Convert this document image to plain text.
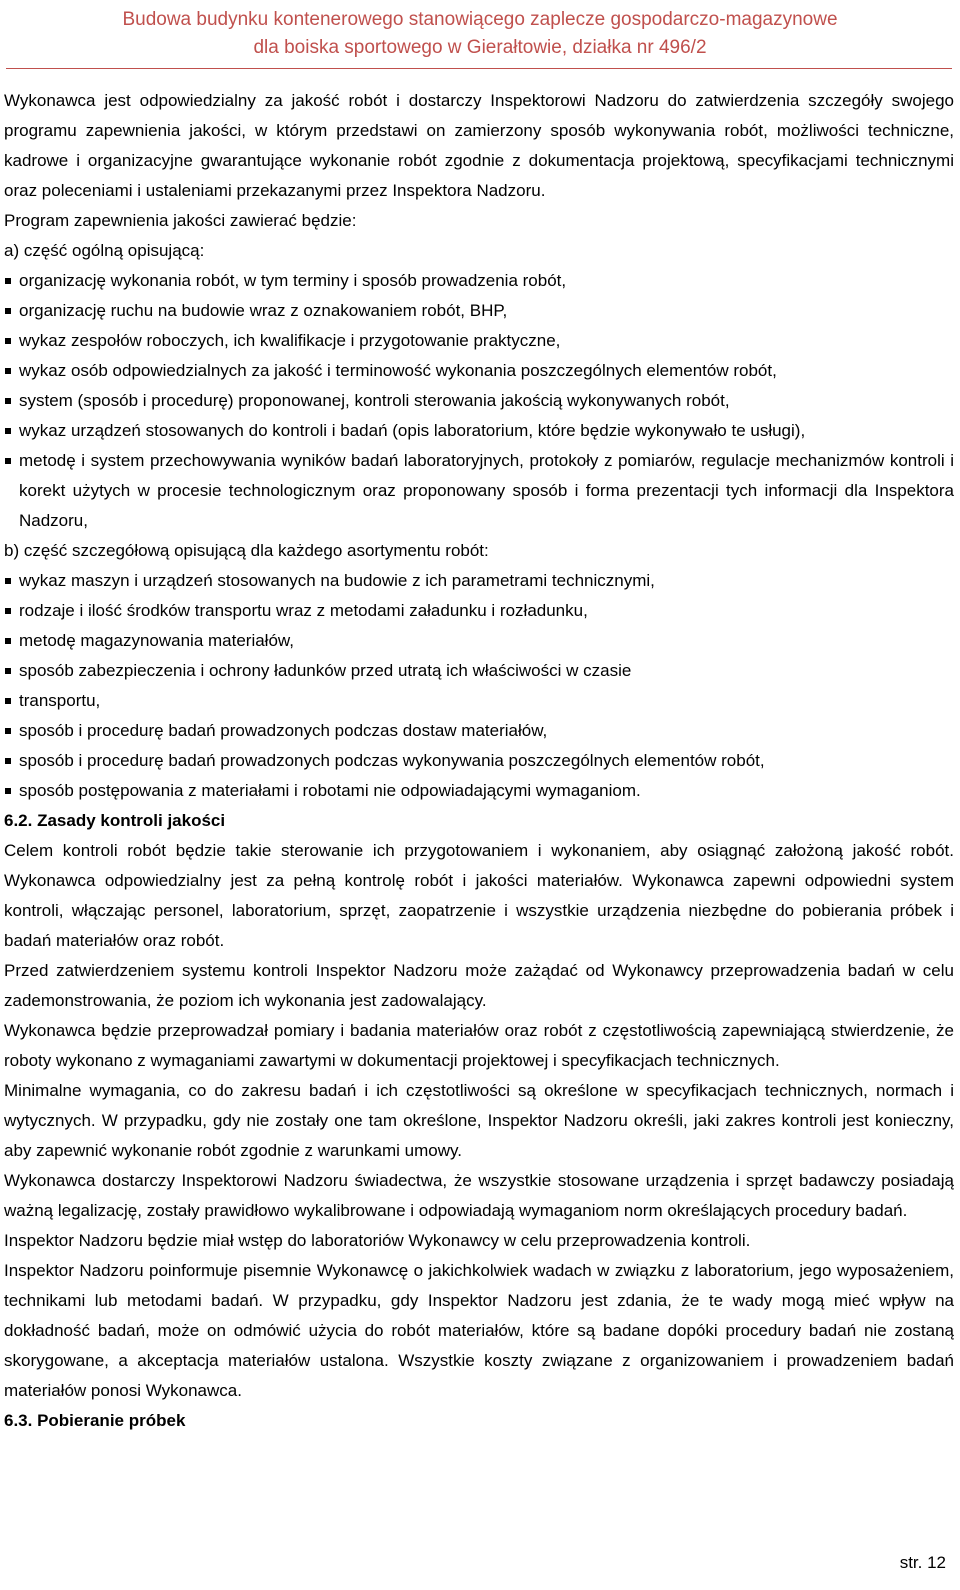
Budowa budynku kontenerowego stanowiącego zaplecze gospodarczo-magazynowe
dla boiska sportowego w Gierałtowie, działka nr 496/2

Wykonawca jest odpowiedzialny za jakość robót i dostarczy Inspektorowi Nadzoru do zatwierdzenia szczegóły swojego programu zapewnienia jakości, w którym przedstawi on zamierzony sposób wykonywania robót, możliwości techniczne, kadrowe i organizacyjne gwarantujące wykonanie robót zgodnie z dokumentacja projektową, specyfikacjami technicznymi oraz poleceniami i ustaleniami przekazanymi przez Inspektora Nadzoru.

Program zapewnienia jakości zawierać będzie:

a) część ogólną opisującą:

organizację wykonania robót, w tym terminy i sposób prowadzenia robót,
organizację ruchu na budowie wraz z oznakowaniem robót, BHP,
wykaz zespołów roboczych, ich kwalifikacje i przygotowanie praktyczne,
wykaz osób odpowiedzialnych za jakość i terminowość wykonania poszczególnych elementów robót,
system (sposób i procedurę) proponowanej, kontroli sterowania jakością wykonywanych robót,
wykaz urządzeń stosowanych do kontroli i badań (opis laboratorium, które będzie wykonywało te usługi),
metodę i system przechowywania wyników badań laboratoryjnych, protokoły z pomiarów, regulacje mechanizmów kontroli i korekt użytych w procesie technologicznym oraz proponowany sposób i forma prezentacji tych informacji dla Inspektora Nadzoru,

b) część szczegółową opisującą dla każdego asortymentu robót:

wykaz maszyn i urządzeń stosowanych na budowie z ich parametrami technicznymi,
rodzaje i ilość środków transportu wraz z metodami załadunku i rozładunku,
metodę magazynowania materiałów,
sposób zabezpieczenia i ochrony ładunków przed utratą ich właściwości w czasie
transportu,
sposób i procedurę badań prowadzonych podczas dostaw materiałów,
sposób i procedurę badań prowadzonych podczas wykonywania poszczególnych elementów robót,
sposób postępowania z materiałami i robotami nie odpowiadającymi wymaganiom.

6.2. Zasady kontroli jakości

Celem kontroli robót będzie takie sterowanie ich przygotowaniem i wykonaniem, aby osiągnąć założoną jakość robót. Wykonawca odpowiedzialny jest za pełną kontrolę robót i jakości materiałów. Wykonawca zapewni odpowiedni system kontroli, włączając personel, laboratorium, sprzęt, zaopatrzenie i wszystkie urządzenia niezbędne do pobierania próbek i badań materiałów oraz robót.

Przed zatwierdzeniem systemu kontroli Inspektor Nadzoru może zażądać od Wykonawcy przeprowadzenia badań w celu zademonstrowania, że poziom ich wykonania jest zadowalający.

Wykonawca będzie przeprowadzał pomiary i badania materiałów oraz robót z częstotliwością zapewniającą stwierdzenie, że roboty wykonano z wymaganiami zawartymi w dokumentacji projektowej i specyfikacjach technicznych.

Minimalne wymagania, co do zakresu badań i ich częstotliwości są określone w specyfikacjach technicznych, normach i wytycznych. W przypadku, gdy nie zostały one tam określone, Inspektor Nadzoru określi, jaki zakres kontroli jest konieczny, aby zapewnić wykonanie robót zgodnie z warunkami umowy.

Wykonawca dostarczy Inspektorowi Nadzoru świadectwa, że wszystkie stosowane urządzenia i sprzęt badawczy posiadają ważną legalizację, zostały prawidłowo wykalibrowane i odpowiadają wymaganiom norm określających procedury badań.

Inspektor Nadzoru będzie miał wstęp do laboratoriów Wykonawcy w celu przeprowadzenia kontroli.

Inspektor Nadzoru poinformuje pisemnie Wykonawcę o jakichkolwiek wadach w związku z laboratorium, jego wyposażeniem, technikami lub metodami badań. W przypadku, gdy Inspektor Nadzoru jest zdania, że te wady mogą mieć wpływ na dokładność badań, może on odmówić użycia do robót materiałów, które są badane dopóki procedury badań nie zostaną skorygowane, a akceptacja materiałów ustalona. Wszystkie koszty związane z organizowaniem i prowadzeniem badań materiałów ponosi Wykonawca.

6.3. Pobieranie próbek

str. 12
